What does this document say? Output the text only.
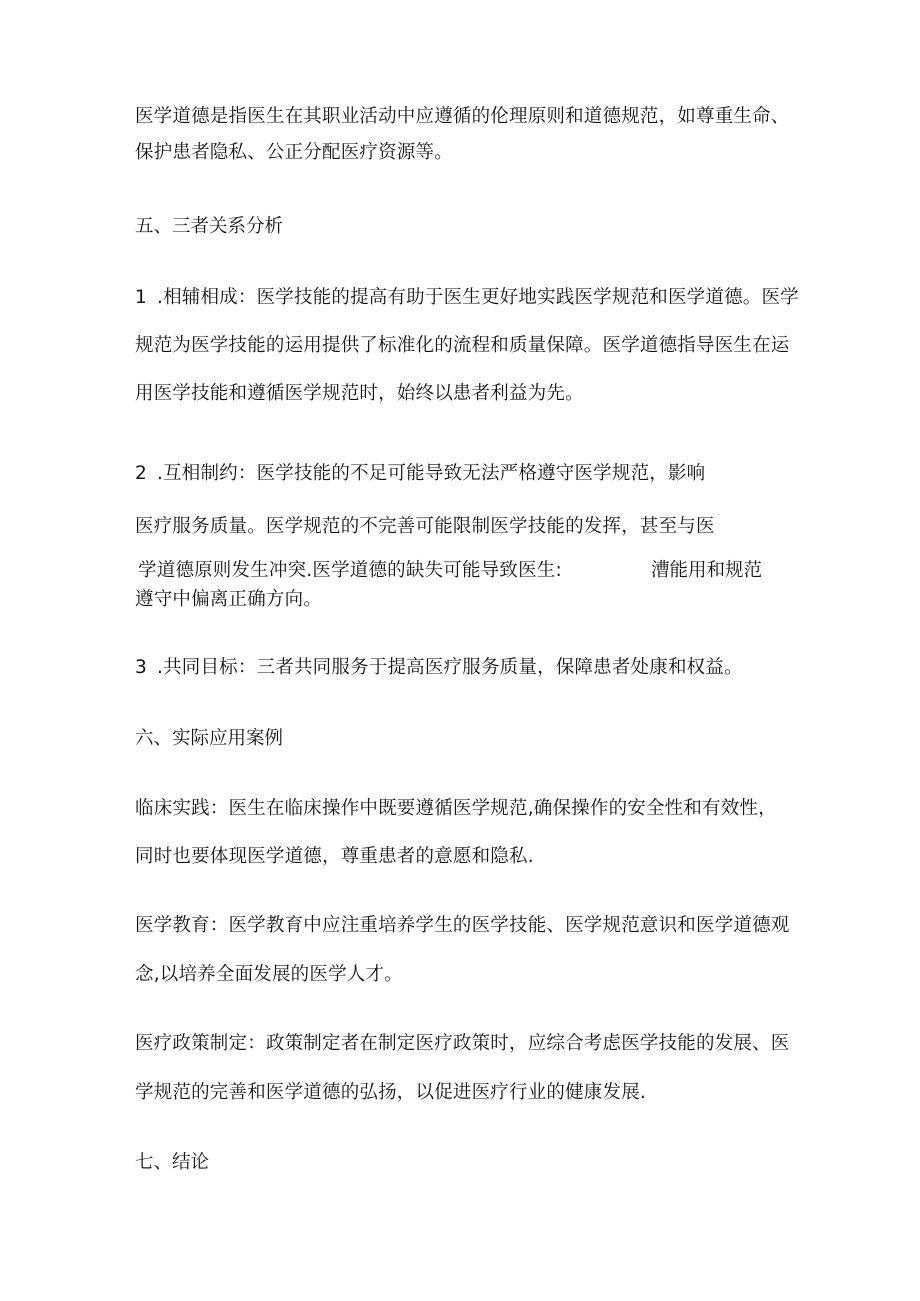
医学道德是指医生在其职业活动中应遵循的伦理原则和道德规范，如尊重生命、
保护患者隐私、公正分配医疗资源等。
五、三者关系分析
1 .相辅相成：医学技能的提高有助于医生更好地实践医学规范和医学道德。医学
规范为医学技能的运用提供了标准化的流程和质量保障。医学道德指导医生在运
用医学技能和遵循医学规范时，始终以患者利益为先。
2 .互相制约：医学技能的不足可能导致无法严格遵守医学规范，影响
医疗服务质量。医学规范的不完善可能限制医学技能的发挥，甚至与医
学道德原则发生冲突.医学道德的缺失可能导致医生:	漕能用和规范
遵守中偏离正确方向。
3 .共同目标：三者共同服务于提高医疗服务质量，保障患者处康和权益。
六、实际应用案例
临床实践：医生在临床操作中既要遵循医学规范,确保操作的安全性和有效性，
同时也要体现医学道德，尊重患者的意愿和隐私.
医学教育：医学教育中应注重培养学生的医学技能、医学规范意识和医学道德观
念,以培养全面发展的医学人才。
医疗政策制定：政策制定者在制定医疗政策时，应综合考虑医学技能的发展、医
学规范的完善和医学道德的弘扬，以促进医疗行业的健康发展.
七、结论
